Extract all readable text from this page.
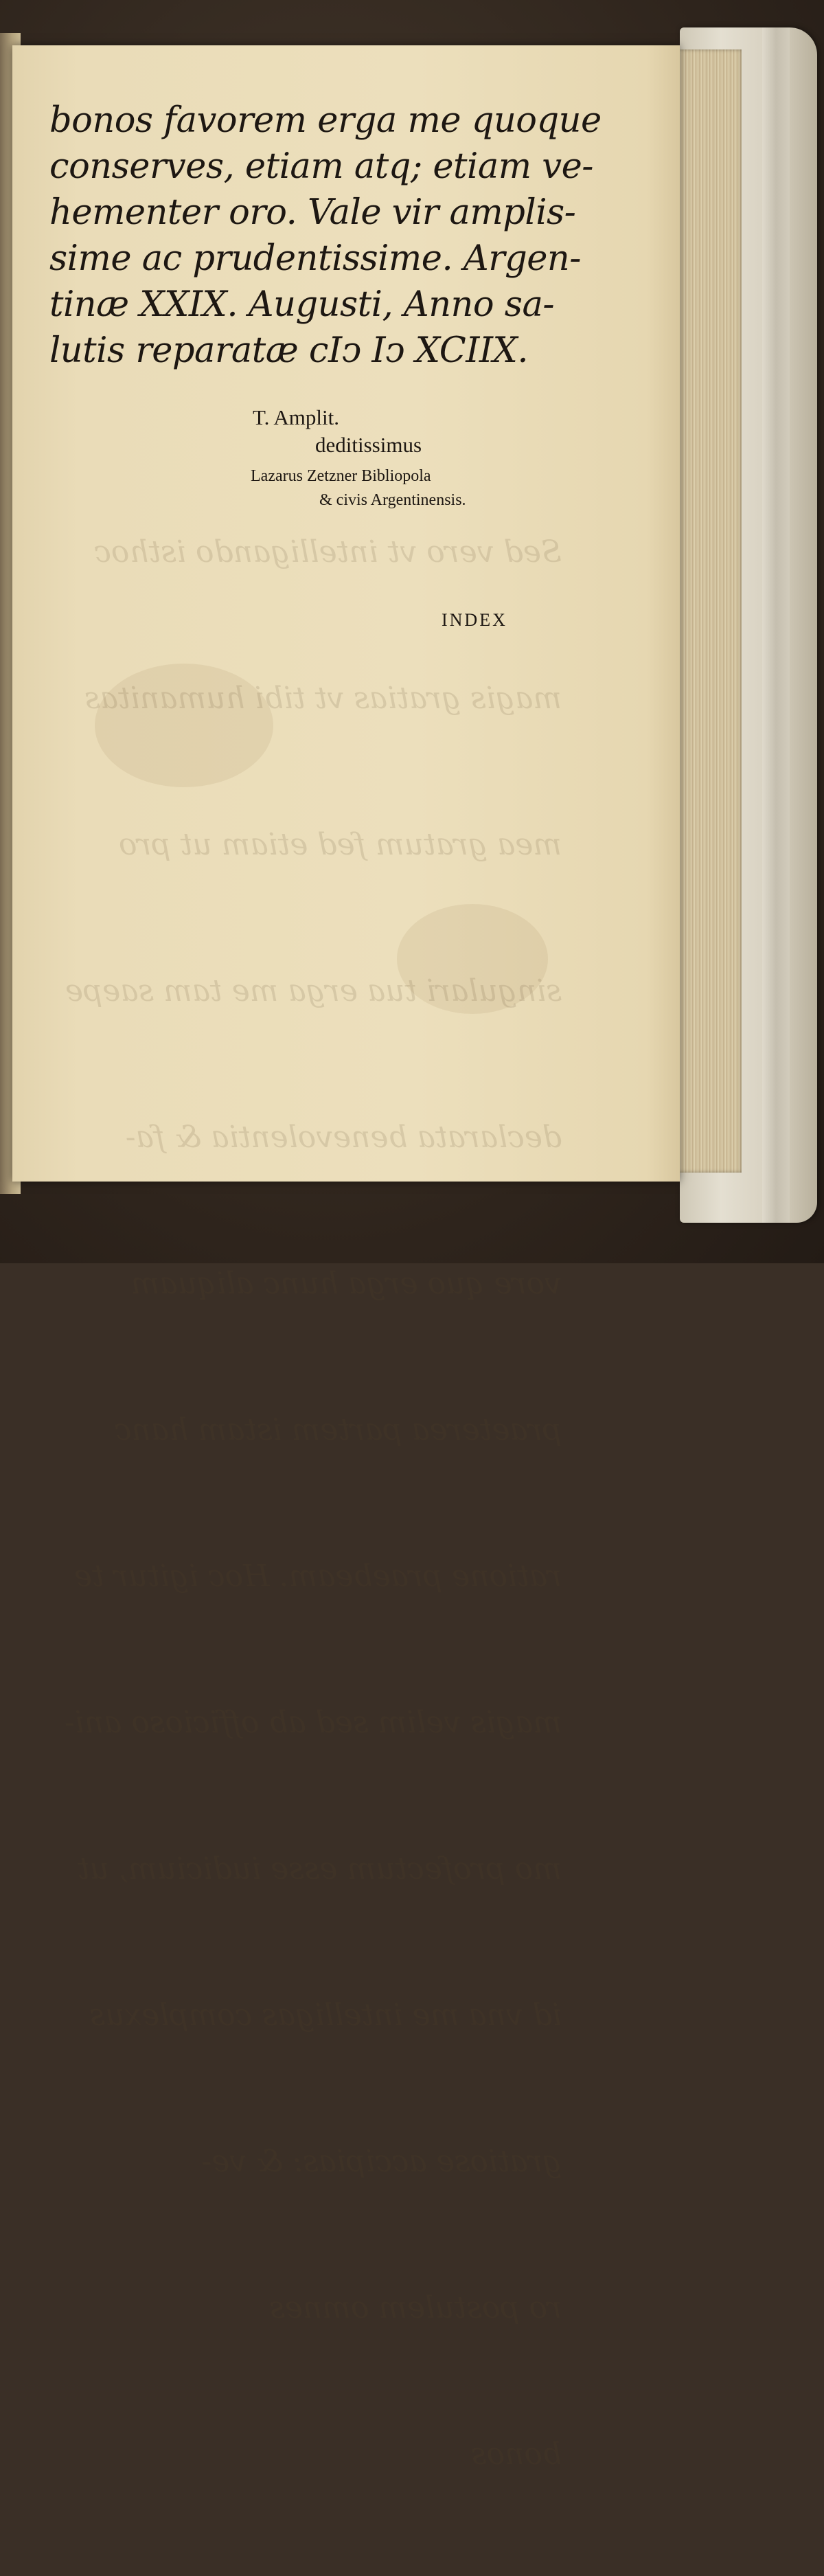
Sed vero vt intelligando isthoc

magis gratias vt tibi humanitas

mea gratum fed etiam ut pro

singulari tua erga me tam saepe

declarata benevolentia & fa-

vore quo erga hunc aliquam

praeterea partem istam hanc

ratione praebeam. Hoc igitur te

magis velim sed ab officioso ani-

mo profectum esse iudicium, ut

id vna me intelligas complexus

gratiose accipias: & ve-

ro postulem omnes

bonos

bonos favorem erga me quoque
conserves, etiam atq; etiam ve-
hementer oro. Vale vir amplis-
sime ac prudentissime. Argen-
tinæ XXIX. Augusti, Anno sa-
lutis reparatæ cIↄ Iↄ XCIIX.
T. Amplit.
deditissimus
Lazarus Zetzner Bibliopola
& civis Argentinensis.
INDEX
